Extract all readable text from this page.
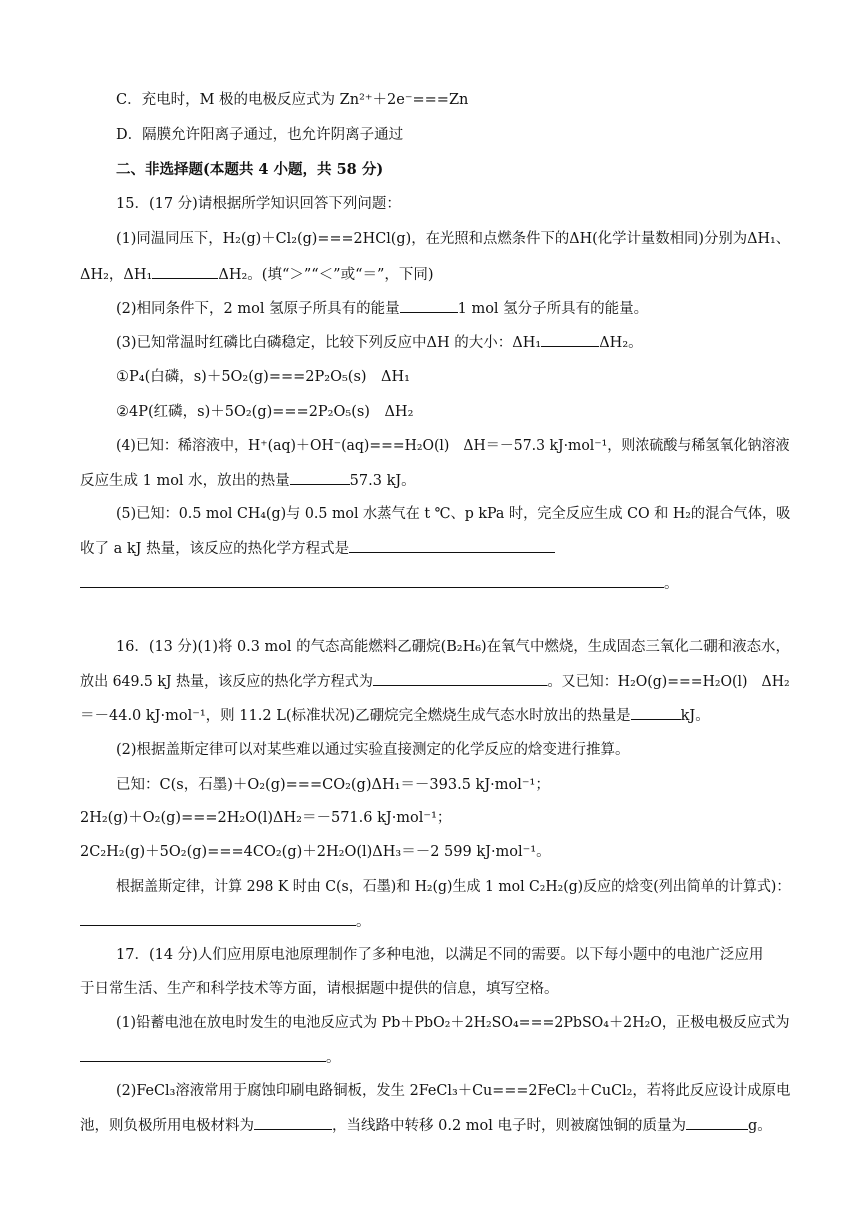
C．充电时，M 极的电极反应式为 Zn²⁺＋2e⁻===Zn
D．隔膜允许阳离子通过，也允许阴离子通过
二、非选择题(本题共 4 小题，共 58 分)
15．(17 分)请根据所学知识回答下列问题：
(1)同温同压下，H₂(g)＋Cl₂(g)===2HCl(g)，在光照和点燃条件下的ΔH(化学计量数相同)分别为ΔH₁、
ΔH₂，ΔH₁	ΔH₂。(填“＞”“＜”或“＝”，下同)
(2)相同条件下，2 mol 氢原子所具有的能量	1 mol 氢分子所具有的能量。
(3)已知常温时红磷比白磷稳定，比较下列反应中ΔH 的大小：ΔH₁	ΔH₂。
①P₄(白磷，s)＋5O₂(g)===2P₂O₅(s)　ΔH₁
②4P(红磷，s)＋5O₂(g)===2P₂O₅(s)　ΔH₂
(4)已知：稀溶液中，H⁺(aq)＋OH⁻(aq)===H₂O(l)　ΔH＝－57.3 kJ·mol⁻¹，则浓硫酸与稀氢氧化钠溶液
反应生成 1 mol 水，放出的热量	57.3 kJ。
(5)已知：0.5 mol CH₄(g)与 0.5 mol 水蒸气在 t ℃、p kPa 时，完全反应生成 CO 和 H₂的混合气体，吸
收了 a kJ 热量，该反应的热化学方程式是
。
16．(13 分)(1)将 0.3 mol 的气态高能燃料乙硼烷(B₂H₆)在氧气中燃烧，生成固态三氧化二硼和液态水，
放出 649.5 kJ 热量，该反应的热化学方程式为	。又已知：H₂O(g)===H₂O(l)　ΔH₂
＝－44.0 kJ·mol⁻¹，则 11.2 L(标准状况)乙硼烷完全燃烧生成气态水时放出的热量是	kJ。
(2)根据盖斯定律可以对某些难以通过实验直接测定的化学反应的焓变进行推算。
已知：C(s，石墨)＋O₂(g)===CO₂(g)ΔH₁＝－393.5 kJ·mol⁻¹；
2H₂(g)＋O₂(g)===2H₂O(l)ΔH₂＝－571.6 kJ·mol⁻¹；
2C₂H₂(g)＋5O₂(g)===4CO₂(g)＋2H₂O(l)ΔH₃＝－2 599 kJ·mol⁻¹。
根据盖斯定律，计算 298 K 时由 C(s，石墨)和 H₂(g)生成 1 mol C₂H₂(g)反应的焓变(列出简单的计算式)：
。
17．(14 分)人们应用原电池原理制作了多种电池，以满足不同的需要。以下每小题中的电池广泛应用
于日常生活、生产和科学技术等方面，请根据题中提供的信息，填写空格。
(1)铅蓄电池在放电时发生的电池反应式为 Pb＋PbO₂＋2H₂SO₄===2PbSO₄＋2H₂O，正极电极反应式为
。
(2)FeCl₃溶液常用于腐蚀印刷电路铜板，发生 2FeCl₃＋Cu===2FeCl₂＋CuCl₂，若将此反应设计成原电
池，则负极所用电极材料为	，当线路中转移 0.2 mol 电子时，则被腐蚀铜的质量为	g。
